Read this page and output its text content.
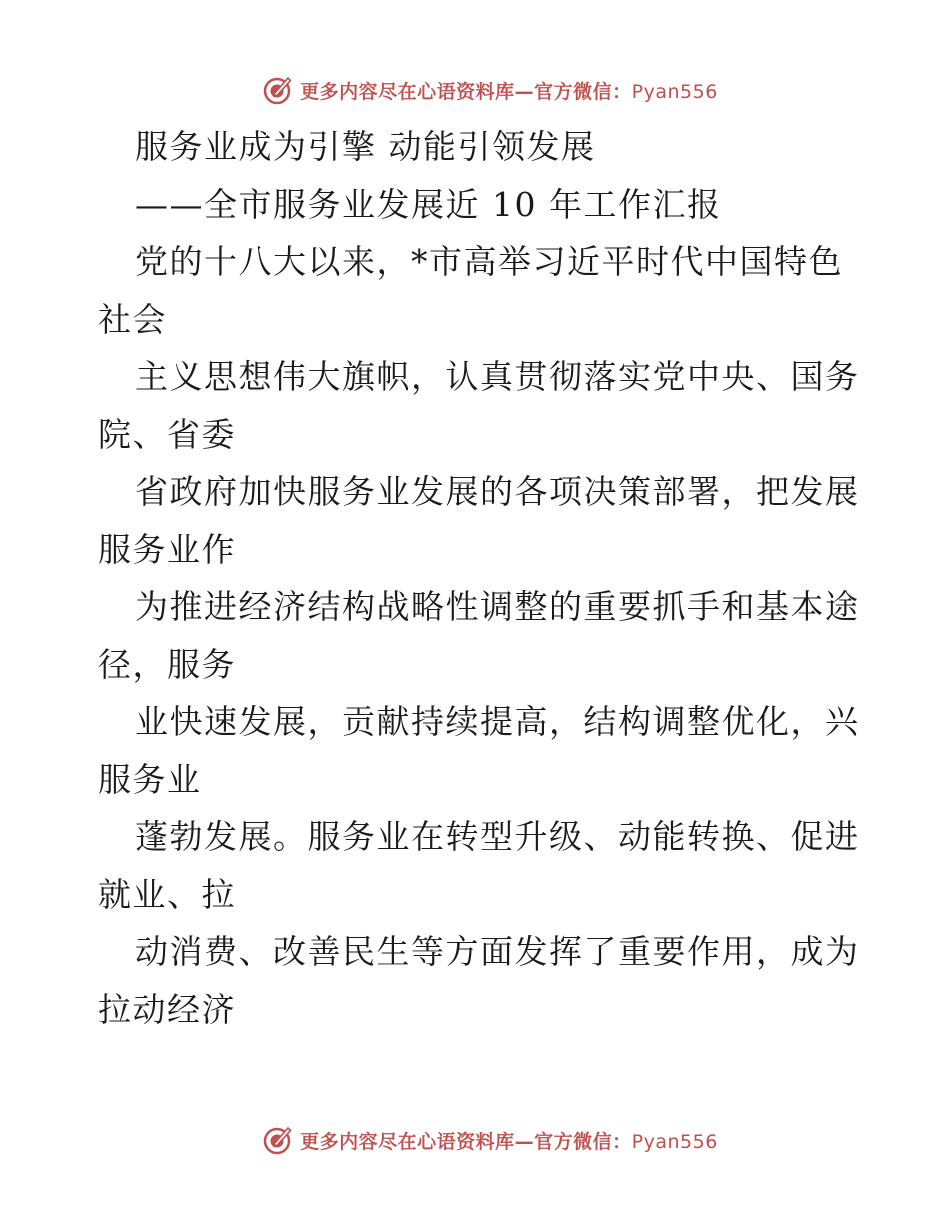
更多内容尽在心语资料库—官方微信：Pyan556
服务业成为引擎 动能引领发展
——全市服务业发展近 10 年工作汇报
党的十八大以来，*市高举习近平时代中国特色
社会
主义思想伟大旗帜，认真贯彻落实党中央、国务
院、省委
省政府加快服务业发展的各项决策部署，把发展
服务业作
为推进经济结构战略性调整的重要抓手和基本途
径，服务
业快速发展，贡献持续提高，结构调整优化，兴
服务业
蓬勃发展。服务业在转型升级、动能转换、促进
就业、拉
动消费、改善民生等方面发挥了重要作用，成为
拉动经济
更多内容尽在心语资料库—官方微信：Pyan556
